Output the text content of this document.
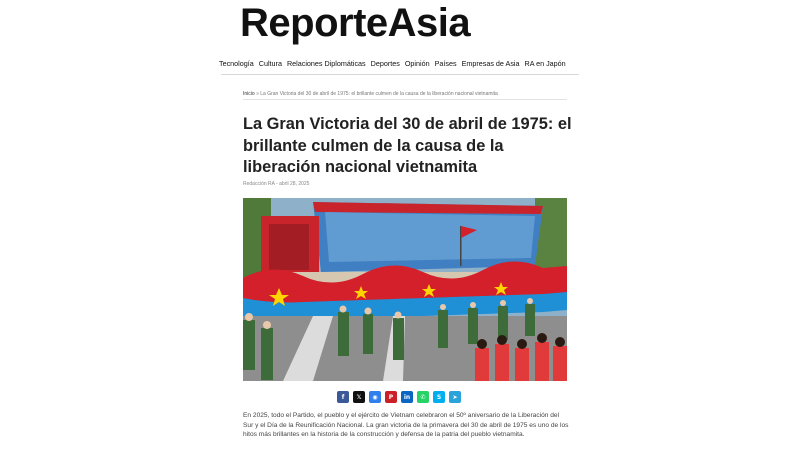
ReporteAsia
Tecnología Cultura Relaciones Diplomáticas Deportes Opinión Países Empresas de Asia RA en Japón
Inicio » La Gran Victoria del 30 de abril de 1975: el brillante culmen de la causa de la liberación nacional vietnamita
La Gran Victoria del 30 de abril de 1975: el brillante culmen de la causa de la liberación nacional vietnamita
Redacción RA - abril 28, 2025
f 𝕏 ◉ P in ✆ S ➤

En 2025, todo el Partido, el pueblo y el ejército de Vietnam celebraron el 50º aniversario de la Liberación del Sur y el Día de la Reunificación Nacional. La gran victoria de la primavera del 30 de abril de 1975 es uno de los hitos más brillantes en la historia de la construcción y defensa de la patria del pueblo vietnamita.
